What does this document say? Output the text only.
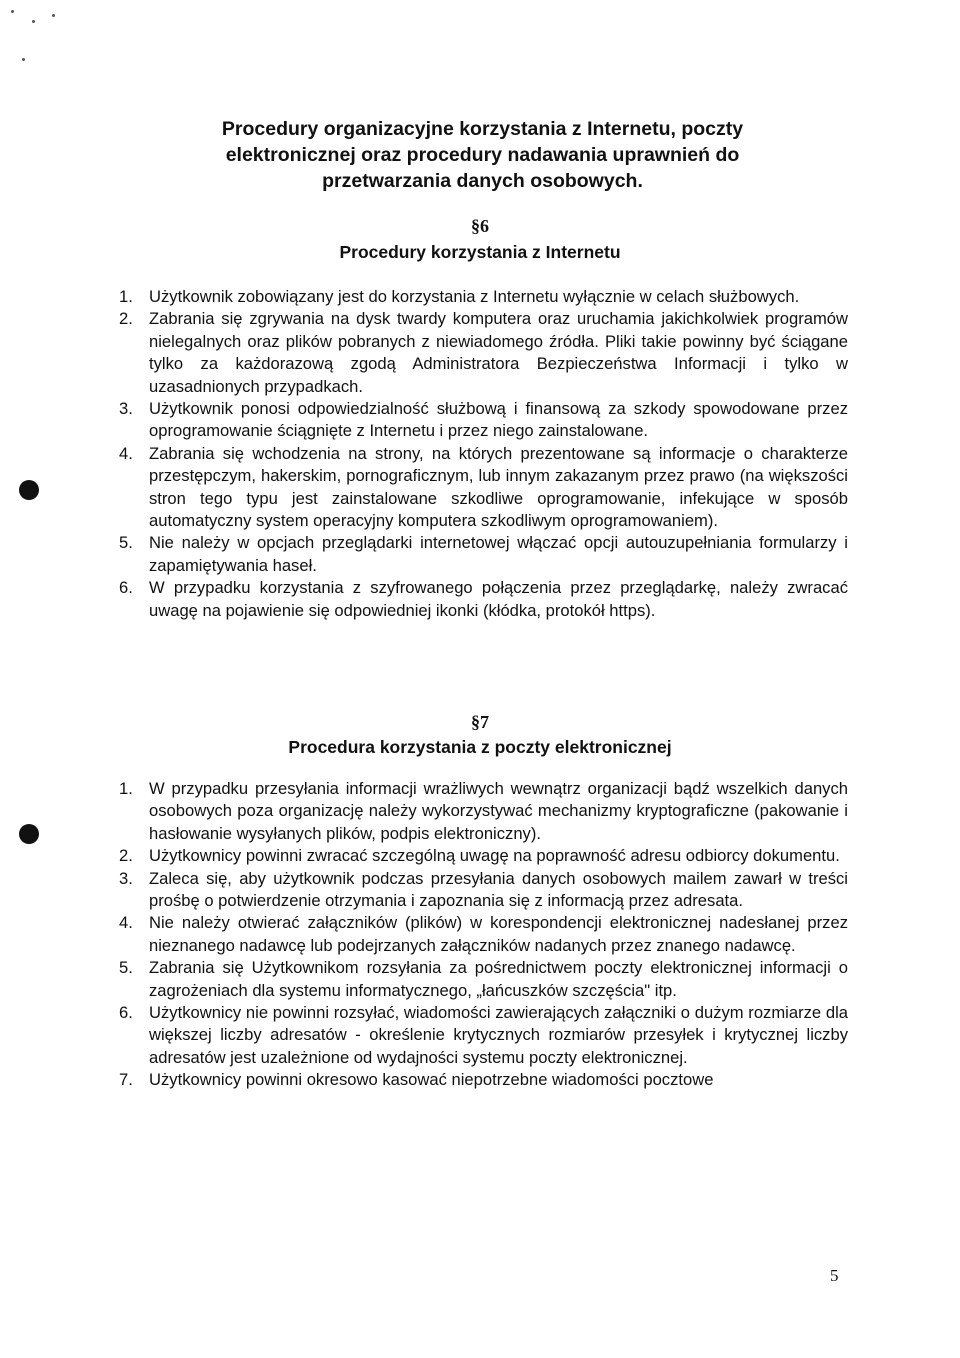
Procedury organizacyjne korzystania z Internetu, poczty
elektronicznej oraz procedury nadawania uprawnień do
przetwarzania danych osobowych.
§6
Procedury korzystania z Internetu
1. Użytkownik zobowiązany jest do korzystania z Internetu wyłącznie w celach służbowych.
2. Zabrania się zgrywania na dysk twardy komputera oraz uruchamia jakichkolwiek programów nielegalnych oraz plików pobranych z niewiadomego źródła. Pliki takie powinny być ściągane tylko za każdorazową zgodą Administratora Bezpieczeństwa Informacji i tylko w uzasadnionych przypadkach.
3. Użytkownik ponosi odpowiedzialność służbową i finansową za szkody spowodowane przez oprogramowanie ściągnięte z Internetu i przez niego zainstalowane.
4. Zabrania się wchodzenia na strony, na których prezentowane są informacje o charakterze przestępczym, hakerskim, pornograficznym, lub innym zakazanym przez prawo (na większości stron tego typu jest zainstalowane szkodliwe oprogramowanie, infekujące w sposób automatyczny system operacyjny komputera szkodliwym oprogramowaniem).
5. Nie należy w opcjach przeglądarki internetowej włączać opcji autouzupełniania formularzy i zapamiętywania haseł.
6. W przypadku korzystania z szyfrowanego połączenia przez przeglądarkę, należy zwracać uwagę na pojawienie się odpowiedniej ikonki (kłódka, protokół https).
§7
Procedura korzystania z poczty elektronicznej
1. W przypadku przesyłania informacji wrażliwych wewnątrz organizacji bądź wszelkich danych osobowych poza organizację należy wykorzystywać mechanizmy kryptograficzne (pakowanie i hasłowanie wysyłanych plików, podpis elektroniczny).
2. Użytkownicy powinni zwracać szczególną uwagę na poprawność adresu odbiorcy dokumentu.
3. Zaleca się, aby użytkownik podczas przesyłania danych osobowych mailem zawarł w treści prośbę o potwierdzenie otrzymania i zapoznania się z informacją przez adresata.
4. Nie należy otwierać załączników (plików) w korespondencji elektronicznej nadesłanej przez nieznanego nadawcę lub podejrzanych załączników nadanych przez znanego nadawcę.
5. Zabrania się Użytkownikom rozsyłania za pośrednictwem poczty elektronicznej informacji o zagrożeniach dla systemu informatycznego, „łańcuszków szczęścia" itp.
6. Użytkownicy nie powinni rozsyłać, wiadomości zawierających załączniki o dużym rozmiarze dla większej liczby adresatów - określenie krytycznych rozmiarów przesyłek i krytycznej liczby adresatów jest uzależnione od wydajności systemu poczty elektronicznej.
7. Użytkownicy powinni okresowo kasować niepotrzebne wiadomości pocztowe
5
